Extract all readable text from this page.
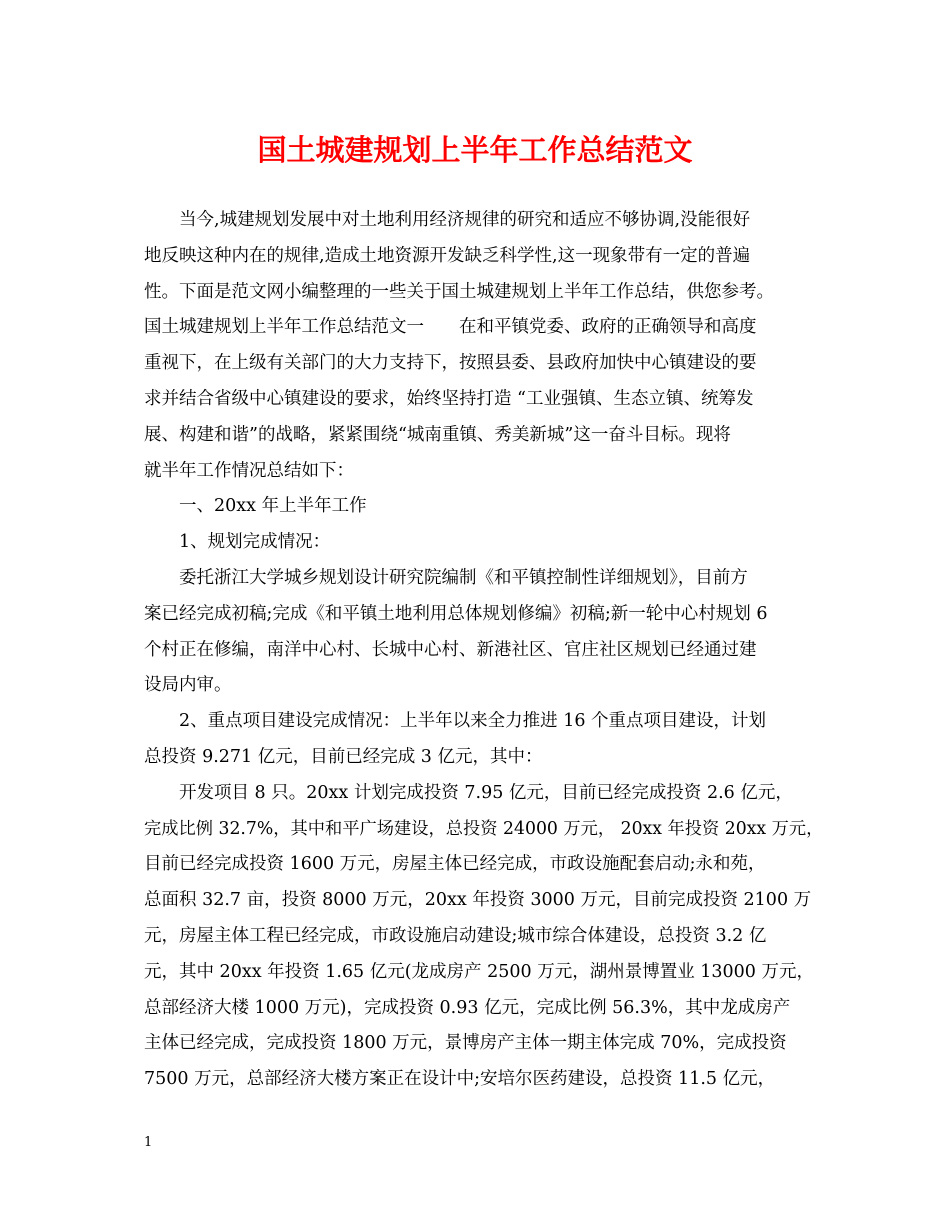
国土城建规划上半年工作总结范文
当今,城建规划发展中对土地利用经济规律的研究和适应不够协调,没能很好
地反映这种内在的规律,造成土地资源开发缺乏科学性,这一现象带有一定的普遍
性。下面是范文网小编整理的一些关于国土城建规划上半年工作总结，供您参考。
国土城建规划上半年工作总结范文一　　在和平镇党委、政府的正确领导和高度
重视下，在上级有关部门的大力支持下，按照县委、县政府加快中心镇建设的要
求并结合省级中心镇建设的要求，始终坚持打造 “工业强镇、生态立镇、统筹发
展、构建和谐”的战略，紧紧围绕“城南重镇、秀美新城”这一奋斗目标。现将
就半年工作情况总结如下：
一、20xx 年上半年工作
1、规划完成情况：
委托浙江大学城乡规划设计研究院编制《和平镇控制性详细规划》，目前方
案已经完成初稿;完成《和平镇土地利用总体规划修编》初稿;新一轮中心村规划 6
个村正在修编，南洋中心村、长城中心村、新港社区、官庄社区规划已经通过建
设局内审。
2、重点项目建设完成情况：上半年以来全力推进 16 个重点项目建设，计划
总投资 9.271 亿元，目前已经完成 3 亿元，其中：
开发项目 8 只。20xx 计划完成投资 7.95 亿元，目前已经完成投资 2.6 亿元，
完成比例 32.7%，其中和平广场建设，总投资 24000 万元， 20xx 年投资 20xx 万元，
目前已经完成投资 1600 万元，房屋主体已经完成，市政设施配套启动;永和苑，
总面积 32.7 亩，投资 8000 万元，20xx 年投资 3000 万元，目前完成投资 2100 万
元，房屋主体工程已经完成，市政设施启动建设;城市综合体建设，总投资 3.2 亿
元，其中 20xx 年投资 1.65 亿元(龙成房产 2500 万元，湖州景博置业 13000 万元，
总部经济大楼 1000 万元)，完成投资 0.93 亿元，完成比例 56.3%，其中龙成房产
主体已经完成，完成投资 1800 万元，景博房产主体一期主体完成 70%，完成投资
7500 万元，总部经济大楼方案正在设计中;安培尔医药建设，总投资 11.5 亿元，
1
